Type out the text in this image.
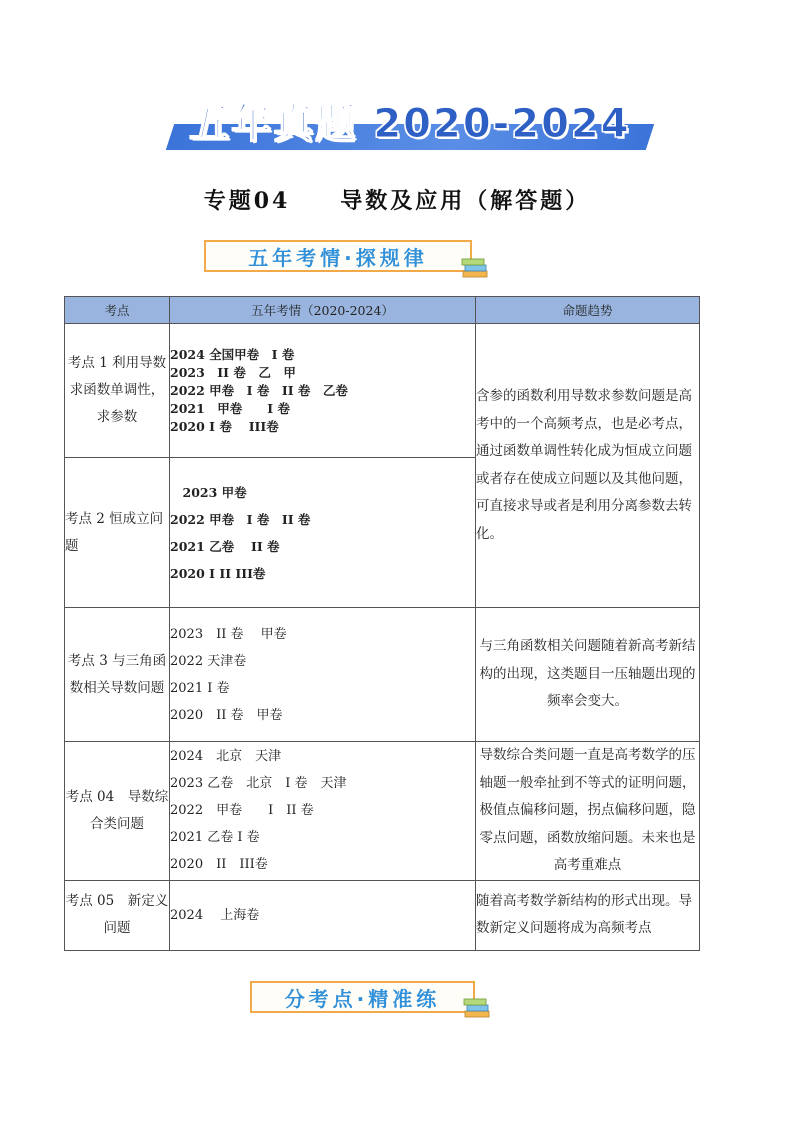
五年真题 2020-2024
专题04　　导数及应用（解答题）
五年考情·探规律
考点	五年考情（2020-2024）	命题趋势
考点 1 利用导数求函数单调性，求参数	2024 全国甲卷　I 卷
2023　II 卷　乙　甲
2022 甲卷　I 卷　II 卷　乙卷
2021　甲卷　　I 卷
2020 I 卷　 III卷	含参的函数利用导数求参数问题是高考中的一个高频考点，也是必考点，通过函数单调性转化成为恒成立问题或者存在使成立问题以及其他问题，可直接求导或者是利用分离参数去转化。
考点 2 恒成立问题	　2023 甲卷
2022 甲卷　I 卷　II 卷
2021 乙卷　 II 卷
2020 I II III卷	

考点 3 与三角函数相关导数问题	2023　II 卷　 甲卷
2022 天津卷
2021 I 卷
2020　II 卷　甲卷	与三角函数相关问题随着新高考新结构的出现，这类题目一压轴题出现的频率会变大。
考点 04　导数综合类问题	2024　北京　天津
2023 乙卷　北京　I 卷　天津
2022　甲卷　　I　II 卷
2021 乙卷 I 卷
2020　II　III卷	导数综合类问题一直是高考数学的压轴题一般牵扯到不等式的证明问题，极值点偏移问题，拐点偏移问题，隐零点问题，函数放缩问题。未来也是高考重难点
考点 05　新定义问题	2024　 上海卷	随着高考数学新结构的形式出现。导数新定义问题将成为高频考点
分考点·精准练
